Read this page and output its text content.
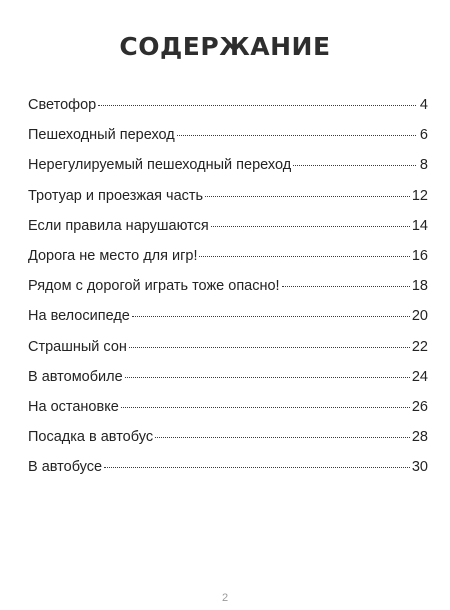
СОДЕРЖАНИЕ
Светофор	4
Пешеходный переход	6
Нерегулируемый пешеходный переход	8
Тротуар и проезжая часть	12
Если правила нарушаются	14
Дорога не место для игр!	16
Рядом с дорогой играть тоже опасно!	18
На велосипеде	20
Страшный сон	22
В автомобиле	24
На остановке	26
Посадка в автобус	28
В автобусе	30
2
